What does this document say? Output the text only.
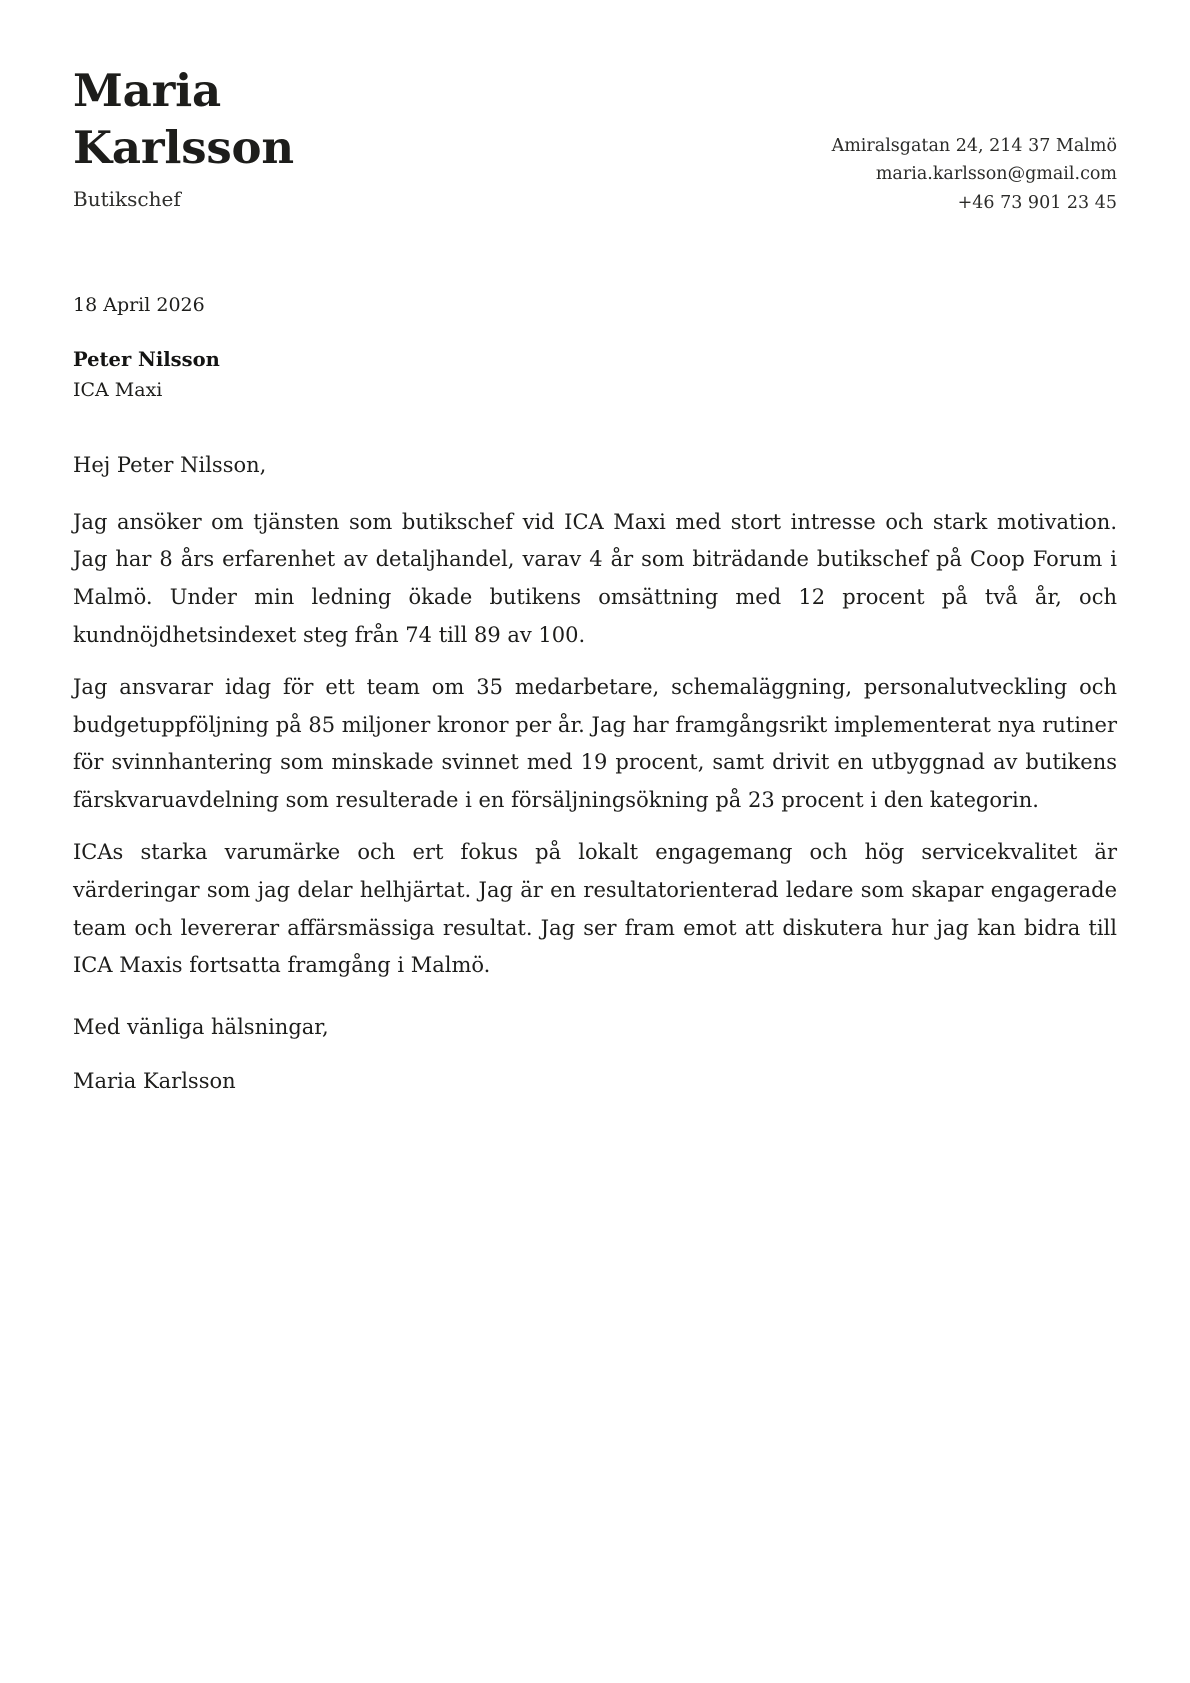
Maria Karlsson

Butikschef

Amiralsgatan 24, 214 37 Malmö
maria.karlsson@gmail.com
+46 73 901 23 45

18 April 2026

Peter Nilsson

ICA Maxi

Hej Peter Nilsson,

Jag ansöker om tjänsten som butikschef vid ICA Maxi med stort intresse och stark motivation. Jag har 8 års erfarenhet av detaljhandel, varav 4 år som biträdande butikschef på Coop Forum i Malmö. Under min ledning ökade butikens omsättning med 12 procent på två år, och kundnöjdhetsindexet steg från 74 till 89 av 100.

Jag ansvarar idag för ett team om 35 medarbetare, schemaläggning, personalutveckling och budgetuppföljning på 85 miljoner kronor per år. Jag har framgångsrikt implementerat nya rutiner för svinnhantering som minskade svinnet med 19 procent, samt drivit en utbyggnad av butikens färskvaruavdelning som resulterade i en försäljningsökning på 23 procent i den kategorin.

ICAs starka varumärke och ert fokus på lokalt engagemang och hög servicekvalitet är värderingar som jag delar helhjärtat. Jag är en resultatorienterad ledare som skapar engagerade team och levererar affärsmässiga resultat. Jag ser fram emot att diskutera hur jag kan bidra till ICA Maxis fortsatta framgång i Malmö.

Med vänliga hälsningar,

Maria Karlsson
